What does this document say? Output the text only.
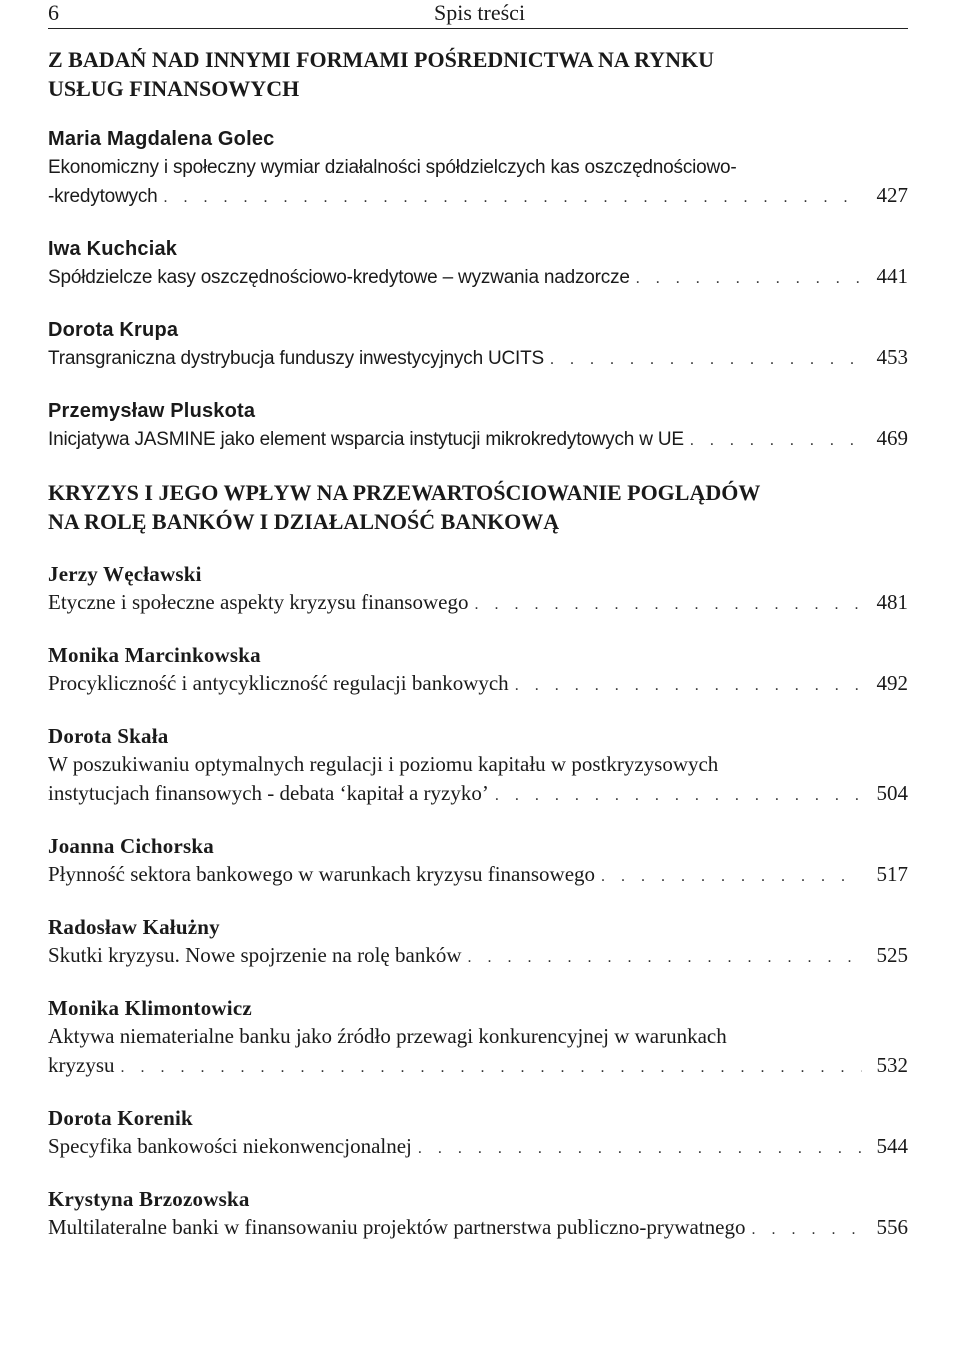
6	Spis treści
Z BADAŃ NAD INNYMI FORMAMI POŚREDNICTWA NA RYNKU
USŁUG FINANSOWYCH
Maria Magdalena Golec
Ekonomiczny i społeczny wymiar działalności spółdzielczych kas oszczędnościowo-
-kredytowych . . .	427
Iwa Kuchciak
Spółdzielcze kasy oszczędnościowo-kredytowe – wyzwania nadzorcze . . .	441
Dorota Krupa
Transgraniczna dystrybucja funduszy inwestycyjnych UCITS . . .	453
Przemysław Pluskota
Inicjatywa JASMINE jako element wsparcia instytucji mikrokredytowych w UE . . .	469
KRYZYS I JEGO WPŁYW NA PRZEWARTOŚCIOWANIE POGLĄDÓW
NA ROLĘ BANKÓW I DZIAŁALNOŚĆ BANKOWĄ
Jerzy Węcławski
Etyczne i społeczne aspekty kryzysu finansowego . . .	481
Monika Marcinkowska
Procykliczność i antycykliczność regulacji bankowych . . .	492
Dorota Skała
W poszukiwaniu optymalnych regulacji i poziomu kapitału w postkryzysowych
instytucjach finansowych - debata ‘kapitał a ryzyko’ . . .	504
Joanna Cichorska
Płynność sektora bankowego w warunkach kryzysu finansowego . . .	517
Radosław Kałużny
Skutki kryzysu. Nowe spojrzenie na rolę banków . . .	525
Monika Klimontowicz
Aktywa niematerialne banku jako źródło przewagi konkurencyjnej w warunkach
kryzysu . . .	532
Dorota Korenik
Specyfika bankowości niekonwencjonalnej . . .	544
Krystyna Brzozowska
Multilateralne banki w finansowaniu projektów partnerstwa publiczno-prywatnego . . .	556
